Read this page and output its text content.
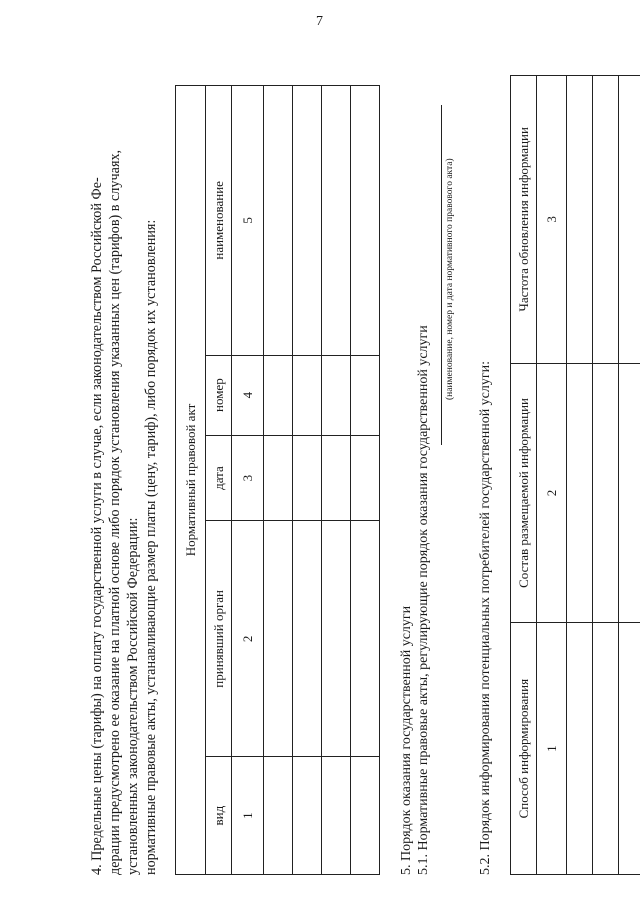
7
4. Предельные цены (тарифы) на оплату государственной услуги в случае, если законодательством Российской Фе- дерации предусмотрено ее оказание на платной основе либо порядок установления указанных цен (тарифов) в случаях, установленных законодательством Российской Федерации: нормативные правовые акты, устанавливающие размер платы (цену, тариф), либо порядок их установления: Нормативный правовой акт				
вид	принявший орган	дата	номер	наименование
1	2	3	4	5

5. Порядок оказания государственной услуги 5.1. Нормативные правовые акты, регулирующие порядок оказания государственной услуги
(наименование, номер и дата нормативного правового акта)
5.2. Порядок информирования потенциальных потребителей государственной услуги: Способ информирования	Состав размещаемой информации	Частота обновления информации
1	2	3
